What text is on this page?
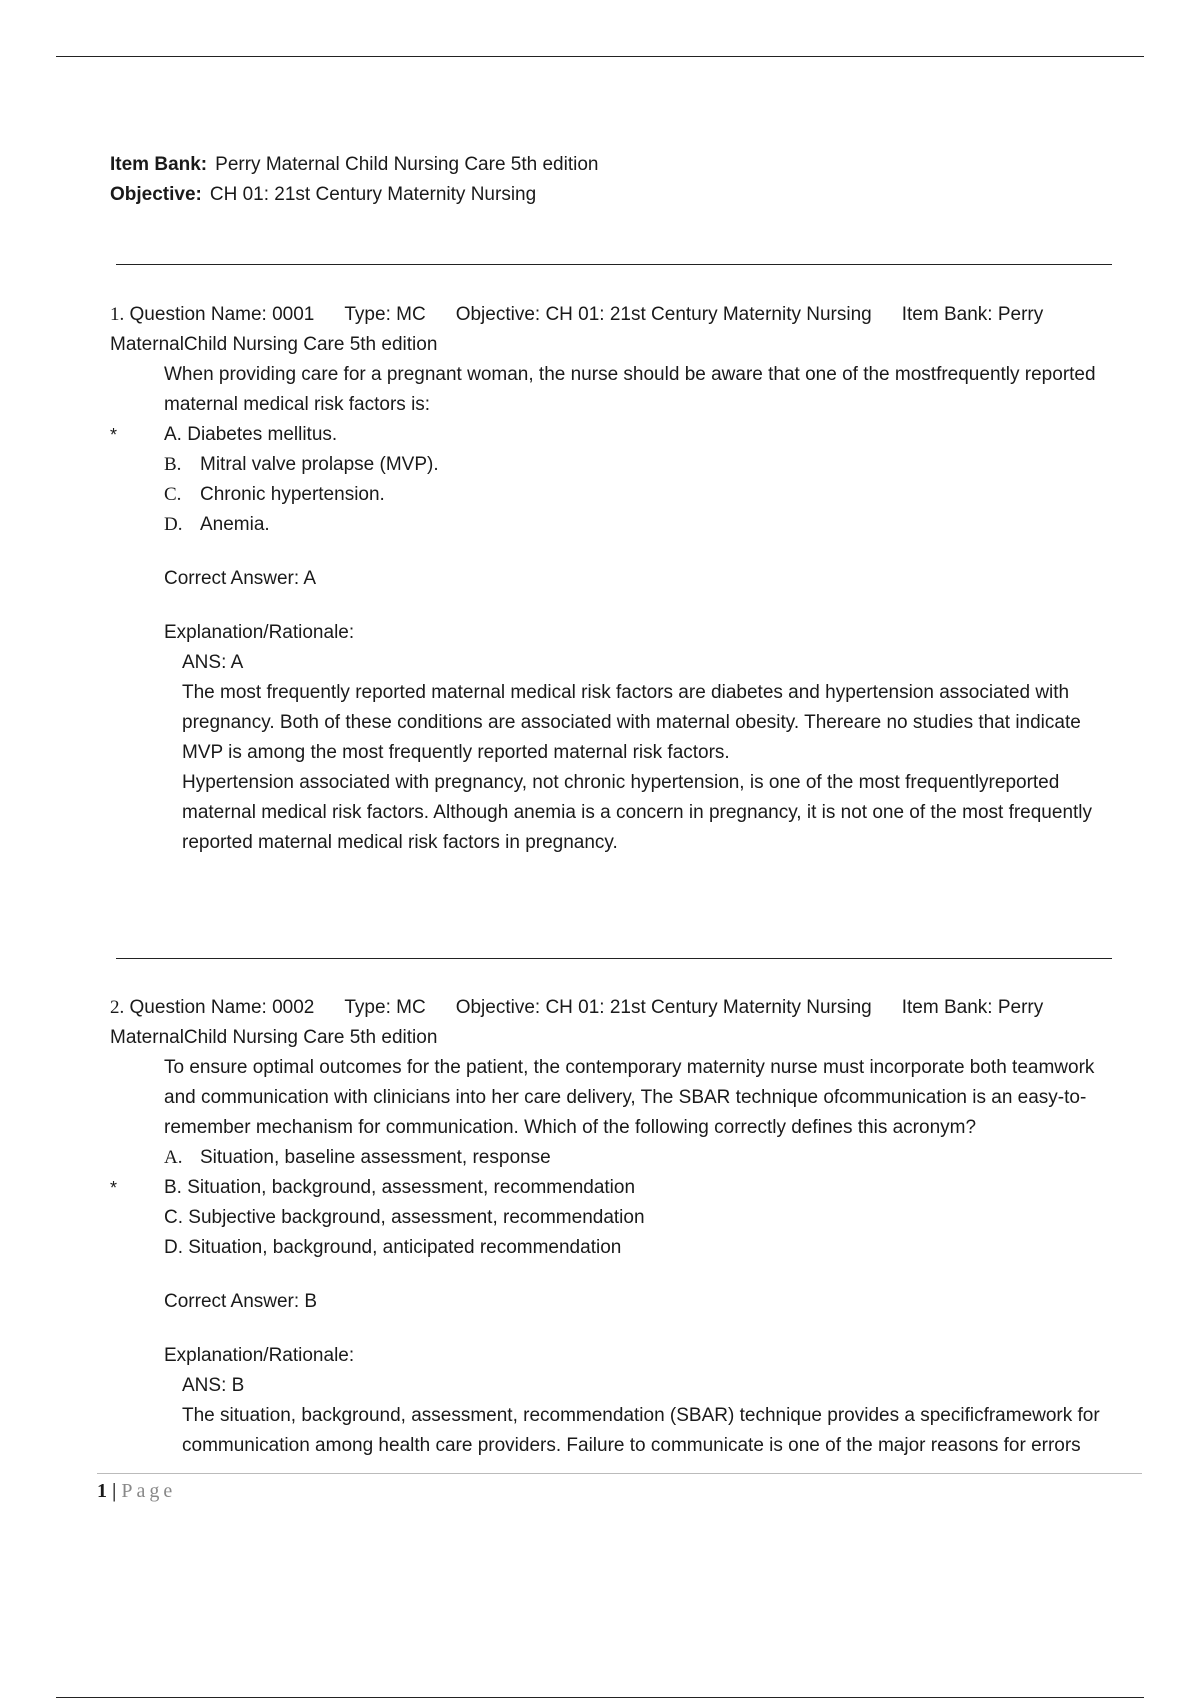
Item Bank: Perry Maternal Child Nursing Care 5th edition
Objective: CH 01: 21st Century Maternity Nursing
1. Question Name: 0001 Type: MC Objective: CH 01: 21st Century Maternity Nursing Item Bank: Perry
MaternalChild Nursing Care 5th edition
When providing care for a pregnant woman, the nurse should be aware that one of the mostfrequently reported maternal medical risk factors is:
* A. Diabetes mellitus.
B. Mitral valve prolapse (MVP).
C. Chronic hypertension.
D. Anemia.
Correct Answer: A
Explanation/Rationale:
ANS: A
The most frequently reported maternal medical risk factors are diabetes and hypertension associated with pregnancy. Both of these conditions are associated with maternal obesity. Thereare no studies that indicate MVP is among the most frequently reported maternal risk factors.
Hypertension associated with pregnancy, not chronic hypertension, is one of the most frequentlyreported maternal medical risk factors. Although anemia is a concern in pregnancy, it is not one of the most frequently reported maternal medical risk factors in pregnancy.
2. Question Name: 0002 Type: MC Objective: CH 01: 21st Century Maternity Nursing Item Bank: Perry
MaternalChild Nursing Care 5th edition
To ensure optimal outcomes for the patient, the contemporary maternity nurse must incorporate both teamwork and communication with clinicians into her care delivery, The SBAR technique ofcommunication is an easy-to-remember mechanism for communication. Which of the following correctly defines this acronym?
A. Situation, baseline assessment, response
* B. Situation, background, assessment, recommendation
C. Subjective background, assessment, recommendation
D. Situation, background, anticipated recommendation
Correct Answer: B
Explanation/Rationale:
ANS: B
The situation, background, assessment, recommendation (SBAR) technique provides a specificframework for communication among health care providers. Failure to communicate is one of the major reasons for errors
1 | Page
